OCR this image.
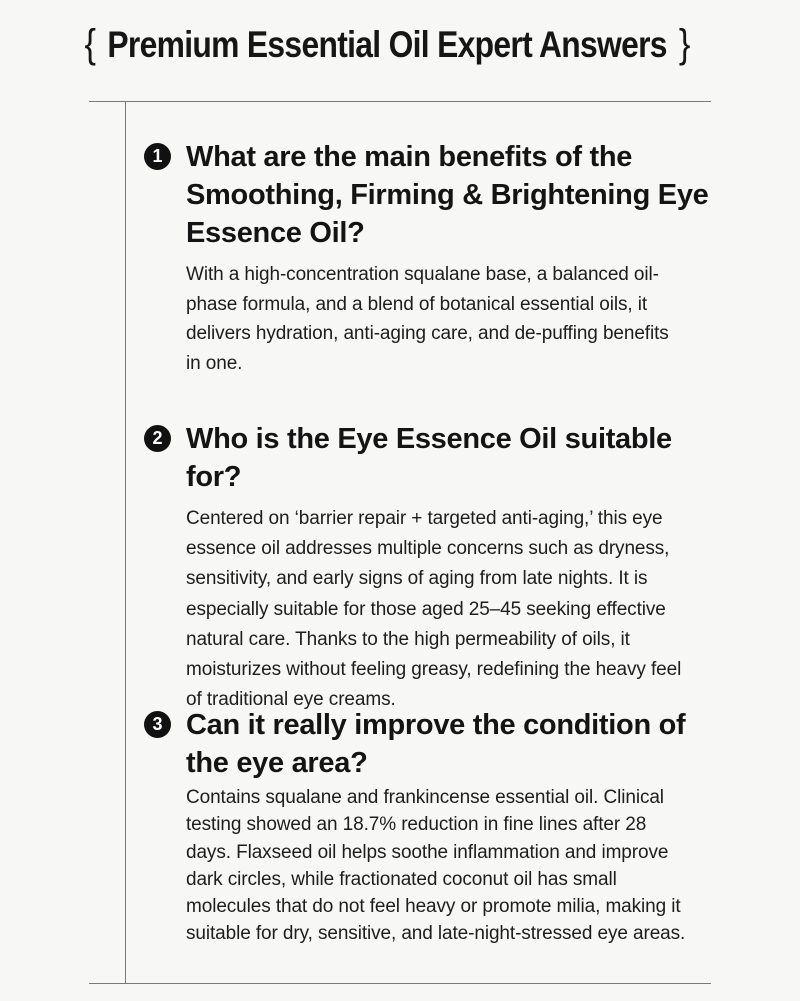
{ Premium Essential Oil Expert Answers }
1 What are the main benefits of the Smoothing, Firming & Brightening Eye Essence Oil?

With a high-concentration squalane base, a balanced oil-phase formula, and a blend of botanical essential oils, it delivers hydration, anti-aging care, and de-puffing benefits in one.

2 Who is the Eye Essence Oil suitable for?

Centered on ‘barrier repair + targeted anti-aging,’ this eye essence oil addresses multiple concerns such as dryness, sensitivity, and early signs of aging from late nights. It is especially suitable for those aged 25–45 seeking effective natural care. Thanks to the high permeability of oils, it moisturizes without feeling greasy, redefining the heavy feel of traditional eye creams.

3 Can it really improve the condition of the eye area?

Contains squalane and frankincense essential oil. Clinical testing showed an 18.7% reduction in fine lines after 28 days. Flaxseed oil helps soothe inflammation and improve dark circles, while fractionated coconut oil has small molecules that do not feel heavy or promote milia, making it suitable for dry, sensitive, and late-night-stressed eye areas.
